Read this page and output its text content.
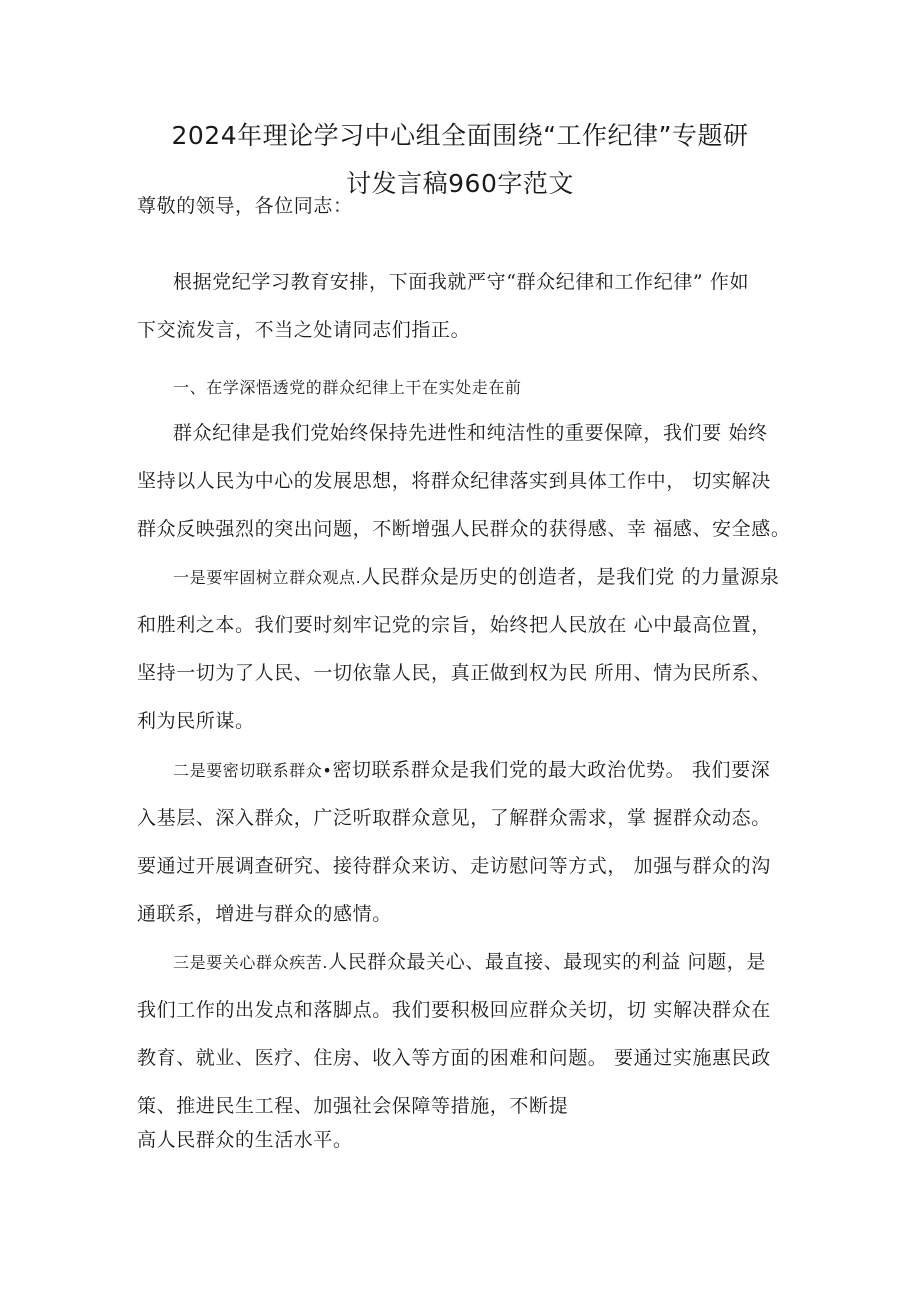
2024年理论学习中心组全面围绕“工作纪律”专题研
讨发言稿960字范文
尊敬的领导，各位同志：
根据党纪学习教育安排，下面我就严守“群众纪律和工作纪律” 作如
下交流发言，不当之处请同志们指正。
一、在学深悟透党的群众纪律上干在实处走在前
群众纪律是我们党始终保持先进性和纯洁性的重要保障，我们要 始终
坚持以人民为中心的发展思想，将群众纪律落实到具体工作中， 切实解决
群众反映强烈的突出问题，不断增强人民群众的获得感、幸 福感、安全感。
一是要牢固树立群众观点.人民群众是历史的创造者，是我们党 的力量源泉
和胜利之本。我们要时刻牢记党的宗旨，始终把人民放在 心中最高位置，
坚持一切为了人民、一切依靠人民，真正做到权为民 所用、情为民所系、
利为民所谋。
二是要密切联系群众•密切联系群众是我们党的最大政治优势。 我们要深
入基层、深入群众，广泛听取群众意见，了解群众需求，掌 握群众动态。
要通过开展调查研究、接待群众来访、走访慰问等方式， 加强与群众的沟
通联系，增进与群众的感情。
三是要关心群众疾苦.人民群众最关心、最直接、最现实的利益 问题，是
我们工作的出发点和落脚点。我们要积极回应群众关切，切 实解决群众在
教育、就业、医疗、住房、收入等方面的困难和问题。 要通过实施惠民政
策、推进民生工程、加强社会保障等措施，不断提
高人民群众的生活水平。
